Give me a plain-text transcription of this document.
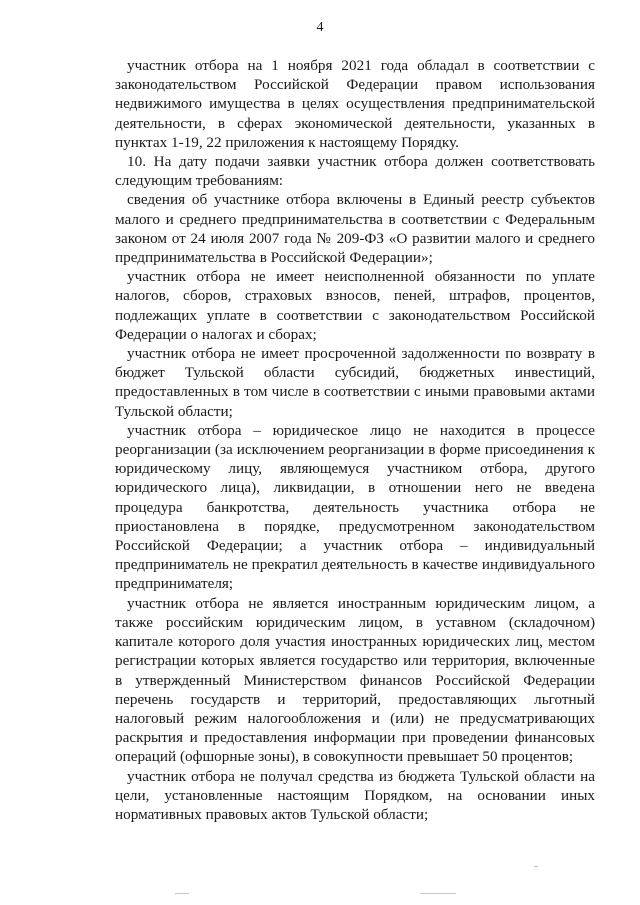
4

участник отбора на 1 ноября 2021 года обладал в соответствии с законодательством Российской Федерации правом использования недвижимого имущества в целях осуществления предпринимательской деятельности, в сферах экономической деятельности, указанных в пунктах 1-19, 22 приложения к настоящему Порядку.

10. На дату подачи заявки участник отбора должен соответствовать следующим требованиям:

сведения об участнике отбора включены в Единый реестр субъектов малого и среднего предпринимательства в соответствии с Федеральным законом от 24 июля 2007 года № 209-ФЗ «О развитии малого и среднего предпринимательства в Российской Федерации»;

участник отбора не имеет неисполненной обязанности по уплате налогов, сборов, страховых взносов, пеней, штрафов, процентов, подлежащих уплате в соответствии с законодательством Российской Федерации о налогах и сборах;

участник отбора не имеет просроченной задолженности по возврату в бюджет Тульской области субсидий, бюджетных инвестиций, предоставленных в том числе в соответствии с иными правовыми актами Тульской области;

участник отбора – юридическое лицо не находится в процессе реорганизации (за исключением реорганизации в форме присоединения к юридическому лицу, являющемуся участником отбора, другого юридического лица), ликвидации, в отношении него не введена процедура банкротства, деятельность участника отбора не приостановлена в порядке, предусмотренном законодательством Российской Федерации; а участник отбора – индивидуальный предприниматель не прекратил деятельность в качестве индивидуального предпринимателя;

участник отбора не является иностранным юридическим лицом, а также российским юридическим лицом, в уставном (складочном) капитале которого доля участия иностранных юридических лиц, местом регистрации которых является государство или территория, включенные в утвержденный Министерством финансов Российской Федерации перечень государств и территорий, предоставляющих льготный налоговый режим налогообложения и (или) не предусматривающих раскрытия и предоставления информации при проведении финансовых операций (офшорные зоны), в совокупности превышает 50 процентов;

участник отбора не получал средства из бюджета Тульской области на цели, установленные настоящим Порядком, на основании иных нормативных правовых актов Тульской области;
